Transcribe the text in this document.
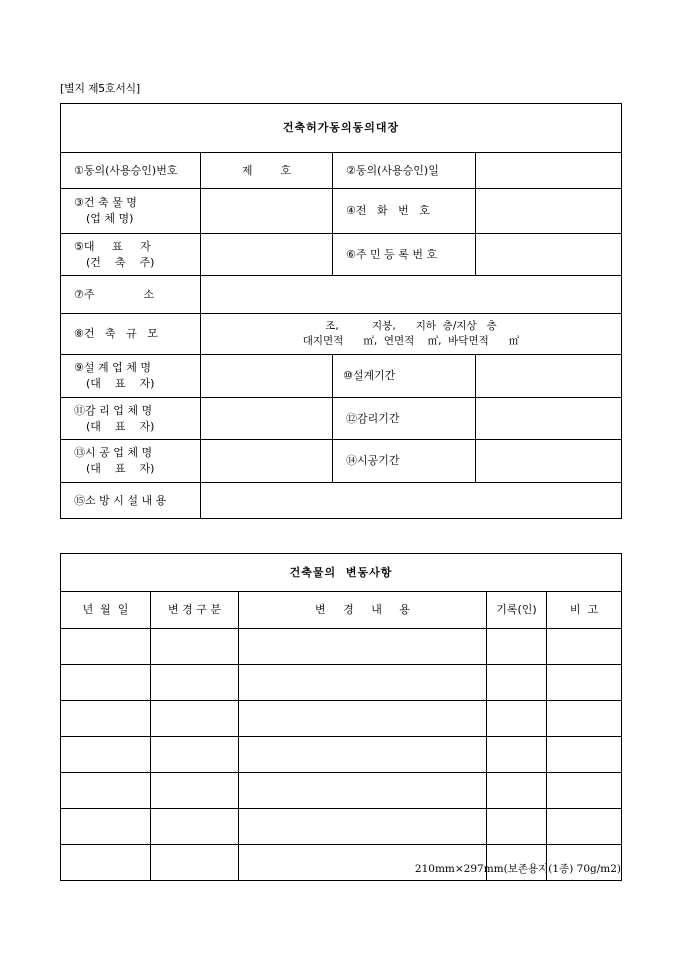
[별지 제5호서식]
건축허가동의동의대장			
①동의(사용승인)번호	제        호	②동의(사용승인)일	
③건 축 물 명
(업 체 명)		④전   화   번   호	
⑤대     표     자
(건    축    주)		⑥주 민 등 록 번 호	
⑦주              소			
⑧건   축   규   모	조,          지붕,      지하  층/지상   층
대지면적      ㎡,  연면적    ㎡,  바닥면적      ㎡		

⑨설 계 업 체 명
(대    표    자)		⑩설계기간	
⑪감 리 업 체 명
(대    표    자)		⑫감리기간	
⑬시 공 업 체 명
(대    표    자)		⑭시공기간	
⑮소 방 시 설 내 용			
건축물의  변동사항				
년  월  일	변 경 구 분	변     경     내     용	기록(인)	비  고

210mm×297mm(보존용지(1종) 70g/m2)
